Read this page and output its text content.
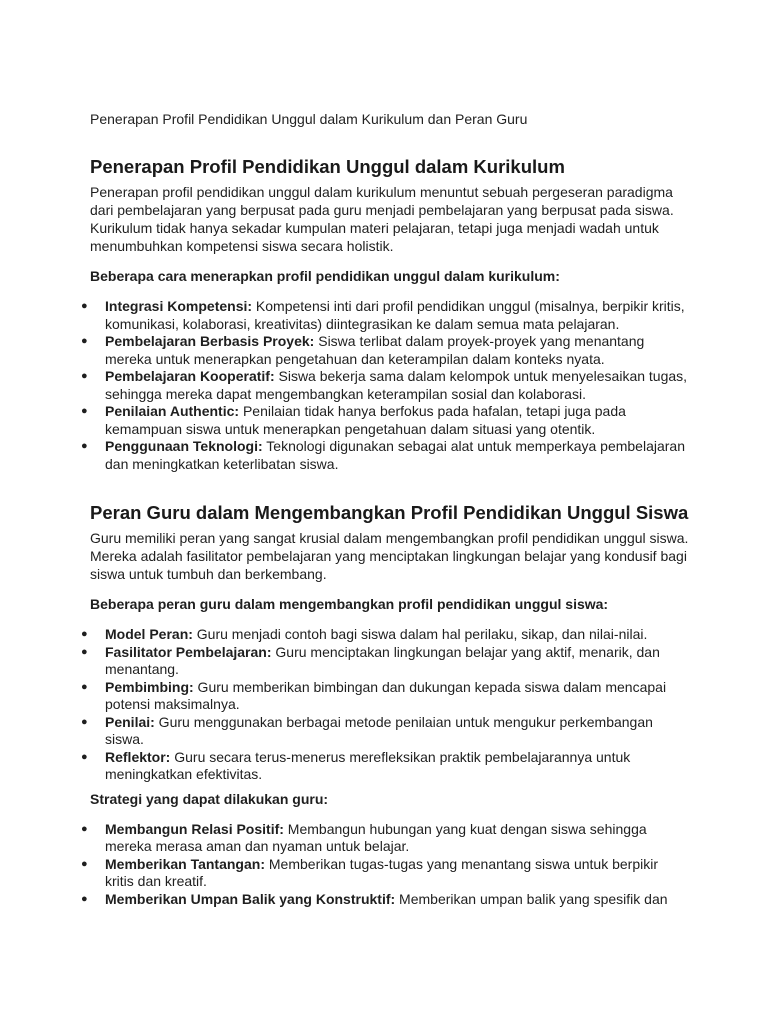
Penerapan Profil Pendidikan Unggul dalam Kurikulum dan Peran Guru
Penerapan Profil Pendidikan Unggul dalam Kurikulum

Penerapan profil pendidikan unggul dalam kurikulum menuntut sebuah pergeseran paradigma dari pembelajaran yang berpusat pada guru menjadi pembelajaran yang berpusat pada siswa. Kurikulum tidak hanya sekadar kumpulan materi pelajaran, tetapi juga menjadi wadah untuk menumbuhkan kompetensi siswa secara holistik.

Beberapa cara menerapkan profil pendidikan unggul dalam kurikulum:

● Integrasi Kompetensi: Kompetensi inti dari profil pendidikan unggul (misalnya, berpikir kritis, komunikasi, kolaborasi, kreativitas) diintegrasikan ke dalam semua mata pelajaran.
● Pembelajaran Berbasis Proyek: Siswa terlibat dalam proyek-proyek yang menantang mereka untuk menerapkan pengetahuan dan keterampilan dalam konteks nyata.
● Pembelajaran Kooperatif: Siswa bekerja sama dalam kelompok untuk menyelesaikan tugas, sehingga mereka dapat mengembangkan keterampilan sosial dan kolaborasi.
● Penilaian Authentic: Penilaian tidak hanya berfokus pada hafalan, tetapi juga pada kemampuan siswa untuk menerapkan pengetahuan dalam situasi yang otentik.
● Penggunaan Teknologi: Teknologi digunakan sebagai alat untuk memperkaya pembelajaran dan meningkatkan keterlibatan siswa.
Peran Guru dalam Mengembangkan Profil Pendidikan Unggul Siswa

Guru memiliki peran yang sangat krusial dalam mengembangkan profil pendidikan unggul siswa. Mereka adalah fasilitator pembelajaran yang menciptakan lingkungan belajar yang kondusif bagi siswa untuk tumbuh dan berkembang.

Beberapa peran guru dalam mengembangkan profil pendidikan unggul siswa:

● Model Peran: Guru menjadi contoh bagi siswa dalam hal perilaku, sikap, dan nilai-nilai.
● Fasilitator Pembelajaran: Guru menciptakan lingkungan belajar yang aktif, menarik, dan menantang.
● Pembimbing: Guru memberikan bimbingan dan dukungan kepada siswa dalam mencapai potensi maksimalnya.
● Penilai: Guru menggunakan berbagai metode penilaian untuk mengukur perkembangan siswa.
● Reflektor: Guru secara terus-menerus merefleksikan praktik pembelajarannya untuk meningkatkan efektivitas.

Strategi yang dapat dilakukan guru:

● Membangun Relasi Positif: Membangun hubungan yang kuat dengan siswa sehingga mereka merasa aman dan nyaman untuk belajar.
● Memberikan Tantangan: Memberikan tugas-tugas yang menantang siswa untuk berpikir kritis dan kreatif.
● Memberikan Umpan Balik yang Konstruktif: Memberikan umpan balik yang spesifik dan
